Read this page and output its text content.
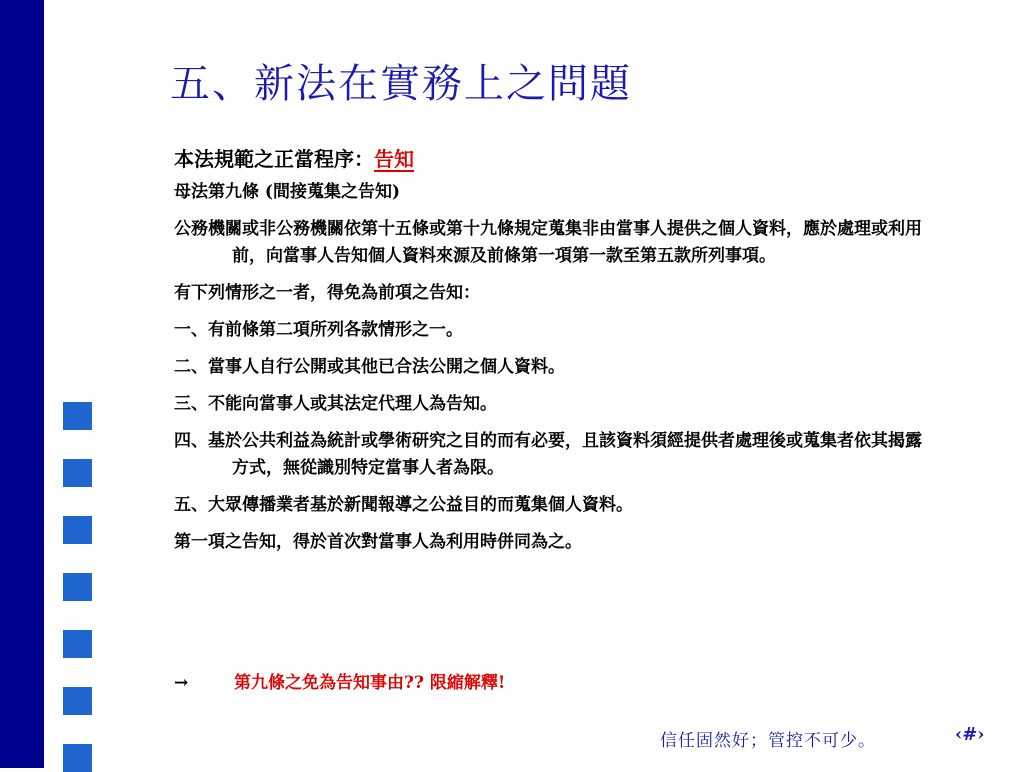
五、新法在實務上之問題
本法規範之正當程序：告知
母法第九條 (間接蒐集之告知)
公務機關或非公務機關依第十五條或第十九條規定蒐集非由當事人提供之個人資料，應於處理或利用前，向當事人告知個人資料來源及前條第一項第一款至第五款所列事項。
有下列情形之一者，得免為前項之告知：
一、有前條第二項所列各款情形之一。
二、當事人自行公開或其他已合法公開之個人資料。
三、不能向當事人或其法定代理人為告知。
四、基於公共利益為統計或學術研究之目的而有必要，且該資料須經提供者處理後或蒐集者依其揭露方式，無從識別特定當事人者為限。
五、大眾傳播業者基於新聞報導之公益目的而蒐集個人資料。
第一項之告知，得於首次對當事人為利用時併同為之。
→	第九條之免為告知事由?? 限縮解釋!
信任固然好；管控不可少。	‹#›
